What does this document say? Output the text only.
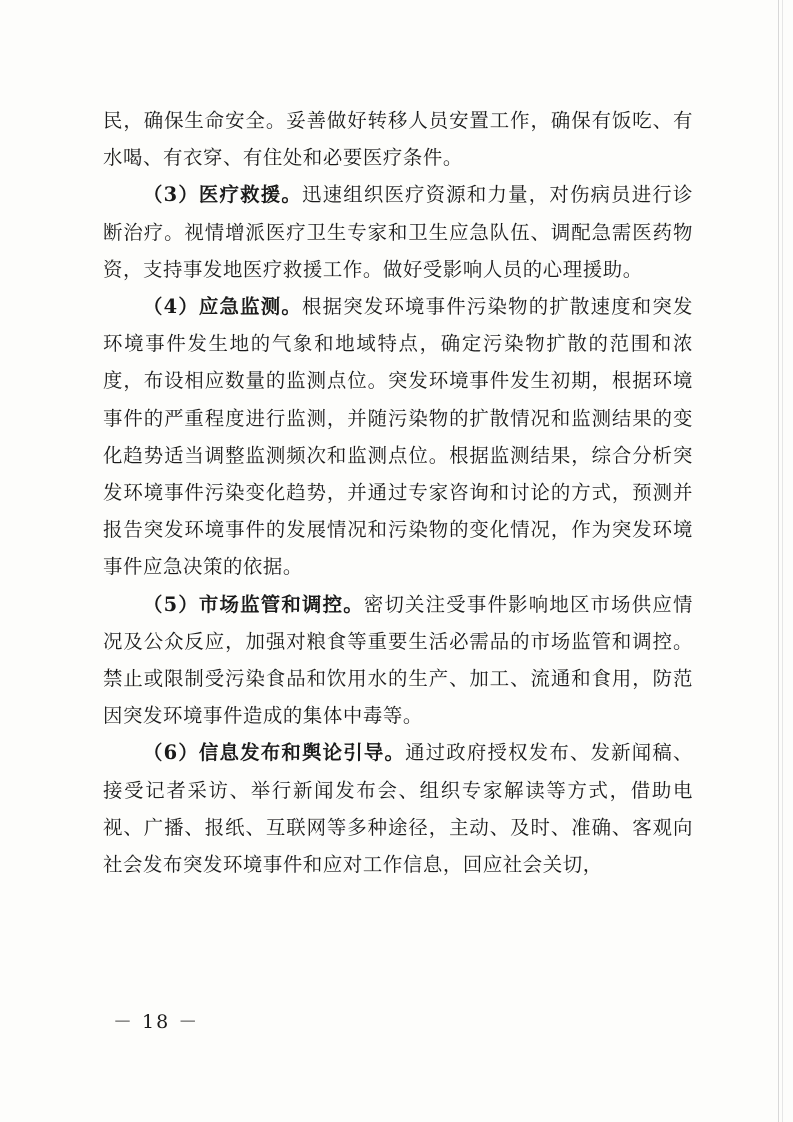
民，确保生命安全。妥善做好转移人员安置工作，确保有饭吃、有水喝、有衣穿、有住处和必要医疗条件。

（3）医疗救援。迅速组织医疗资源和力量，对伤病员进行诊断治疗。视情增派医疗卫生专家和卫生应急队伍、调配急需医药物资，支持事发地医疗救援工作。做好受影响人员的心理援助。

（4）应急监测。根据突发环境事件污染物的扩散速度和突发环境事件发生地的气象和地域特点，确定污染物扩散的范围和浓度，布设相应数量的监测点位。突发环境事件发生初期，根据环境事件的严重程度进行监测，并随污染物的扩散情况和监测结果的变化趋势适当调整监测频次和监测点位。根据监测结果，综合分析突发环境事件污染变化趋势，并通过专家咨询和讨论的方式，预测并报告突发环境事件的发展情况和污染物的变化情况，作为突发环境事件应急决策的依据。

（5）市场监管和调控。密切关注受事件影响地区市场供应情况及公众反应，加强对粮食等重要生活必需品的市场监管和调控。禁止或限制受污染食品和饮用水的生产、加工、流通和食用，防范因突发环境事件造成的集体中毒等。

（6）信息发布和舆论引导。通过政府授权发布、发新闻稿、接受记者采访、举行新闻发布会、组织专家解读等方式，借助电视、广播、报纸、互联网等多种途径，主动、及时、准确、客观向社会发布突发环境事件和应对工作信息，回应社会关切，

－ 18 －
